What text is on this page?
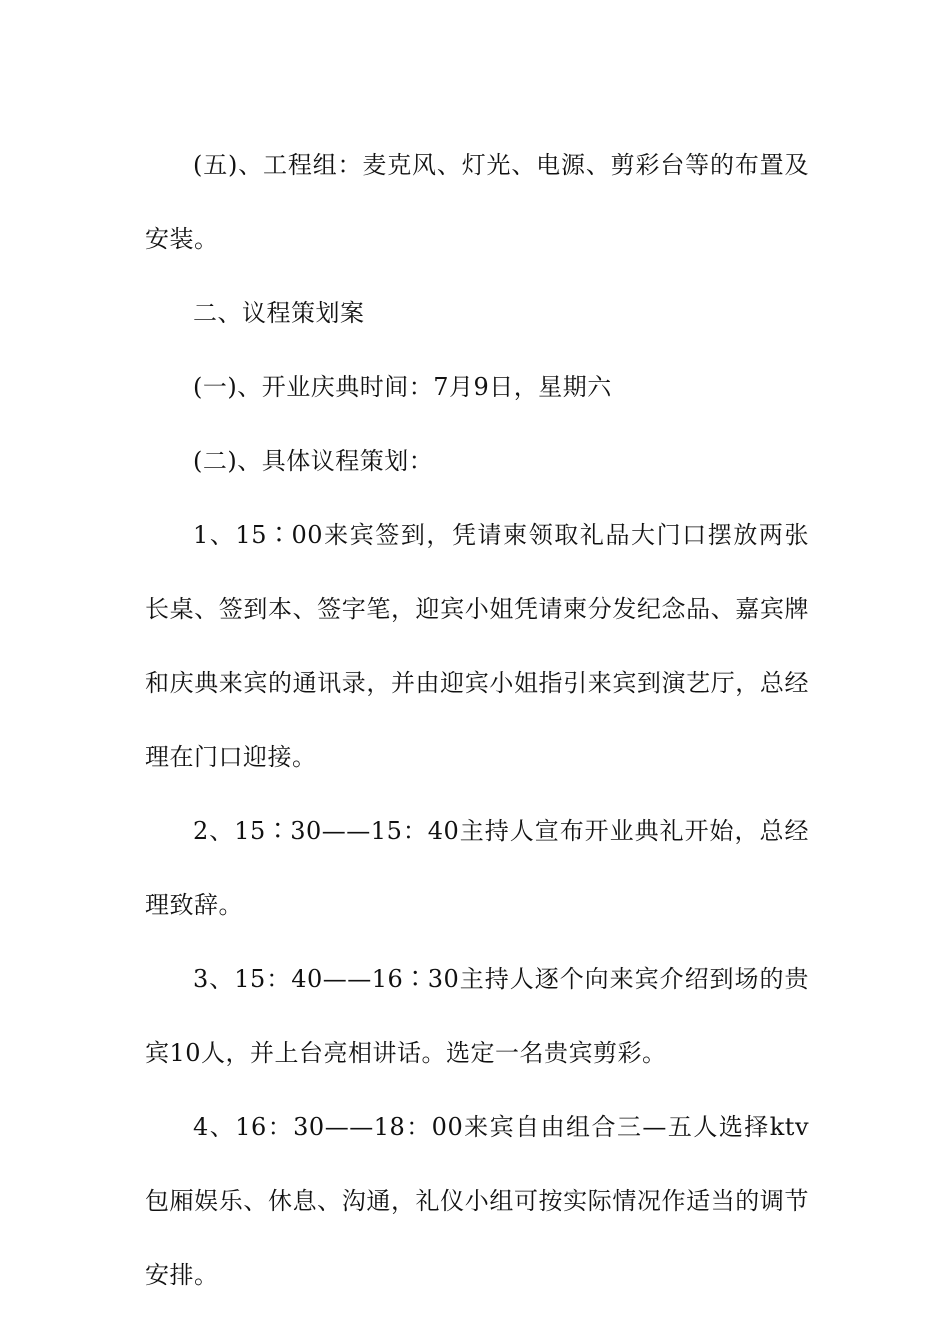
(五)、工程组：麦克风、灯光、电源、剪彩台等的布置及安装。

二、议程策划案

(一)、开业庆典时间：7月9日，星期六

(二)、具体议程策划：

1、15∶00来宾签到，凭请柬领取礼品大门口摆放两张长桌、签到本、签字笔，迎宾小姐凭请柬分发纪念品、嘉宾牌和庆典来宾的通讯录，并由迎宾小姐指引来宾到演艺厅，总经理在门口迎接。

2、15∶30——15：40主持人宣布开业典礼开始，总经理致辞。

3、15：40——16∶30主持人逐个向来宾介绍到场的贵宾10人，并上台亮相讲话。选定一名贵宾剪彩。

4、16：30——18：00来宾自由组合三—五人选择ktv包厢娱乐、休息、沟通，礼仪小组可按实际情况作适当的调节安排。
